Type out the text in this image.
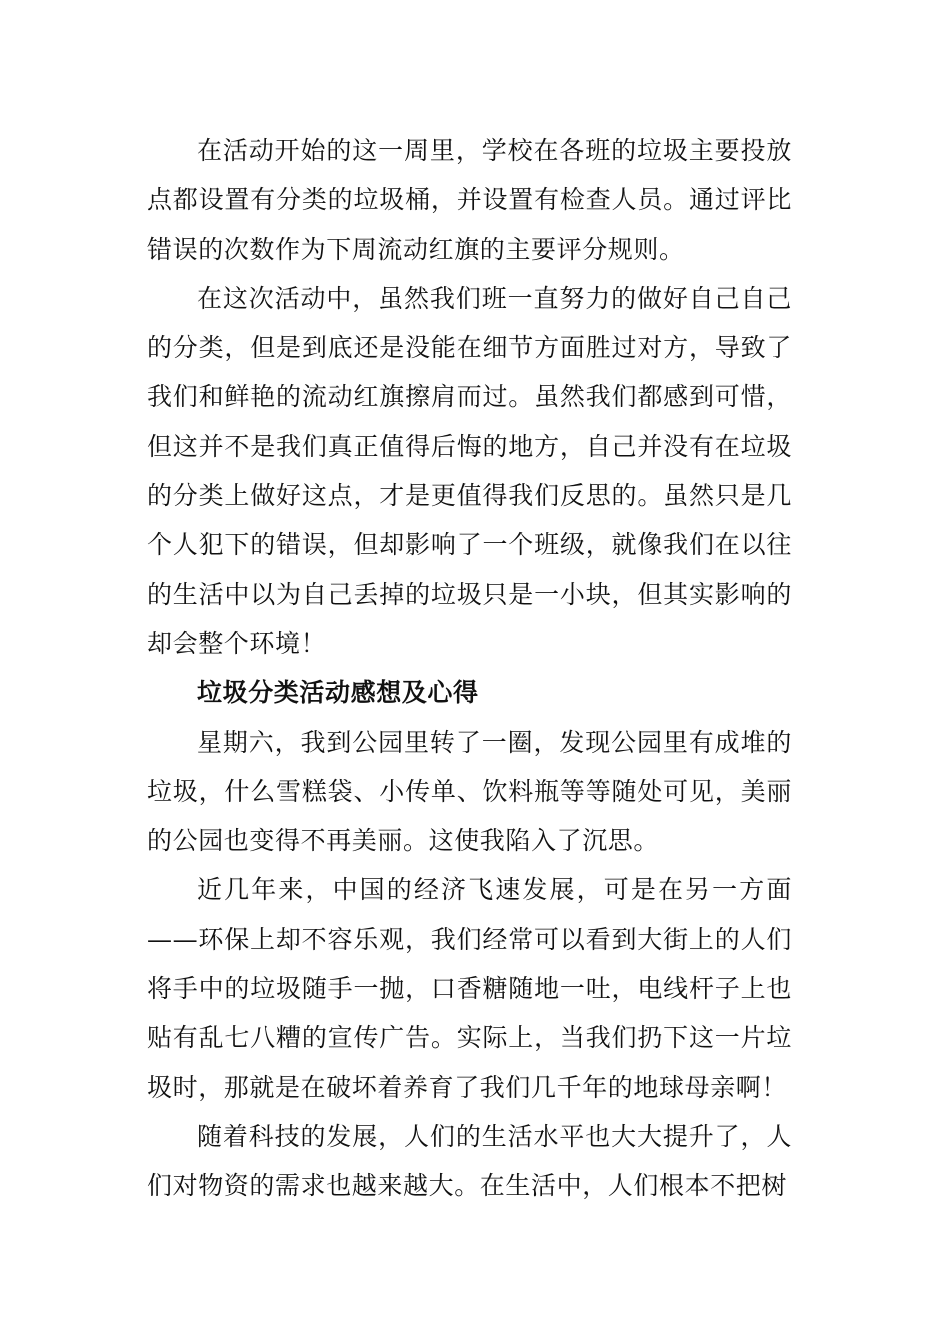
在活动开始的这一周里，学校在各班的垃圾主要投放点都设置有分类的垃圾桶，并设置有检查人员。通过评比错误的次数作为下周流动红旗的主要评分规则。

在这次活动中，虽然我们班一直努力的做好自己自己的分类，但是到底还是没能在细节方面胜过对方，导致了我们和鲜艳的流动红旗擦肩而过。虽然我们都感到可惜，但这并不是我们真正值得后悔的地方，自己并没有在垃圾的分类上做好这点，才是更值得我们反思的。虽然只是几个人犯下的错误，但却影响了一个班级，就像我们在以往的生活中以为自己丢掉的垃圾只是一小块，但其实影响的却会整个环境！

垃圾分类活动感想及心得

星期六，我到公园里转了一圈，发现公园里有成堆的垃圾，什么雪糕袋、小传单、饮料瓶等等随处可见，美丽的公园也变得不再美丽。这使我陷入了沉思。

近几年来，中国的经济飞速发展，可是在另一方面——环保上却不容乐观，我们经常可以看到大街上的人们将手中的垃圾随手一抛，口香糖随地一吐，电线杆子上也贴有乱七八糟的宣传广告。实际上，当我们扔下这一片垃圾时，那就是在破坏着养育了我们几千年的地球母亲啊！

随着科技的发展，人们的生活水平也大大提升了，人们对物资的需求也越来越大。在生活中，人们根本不把树
